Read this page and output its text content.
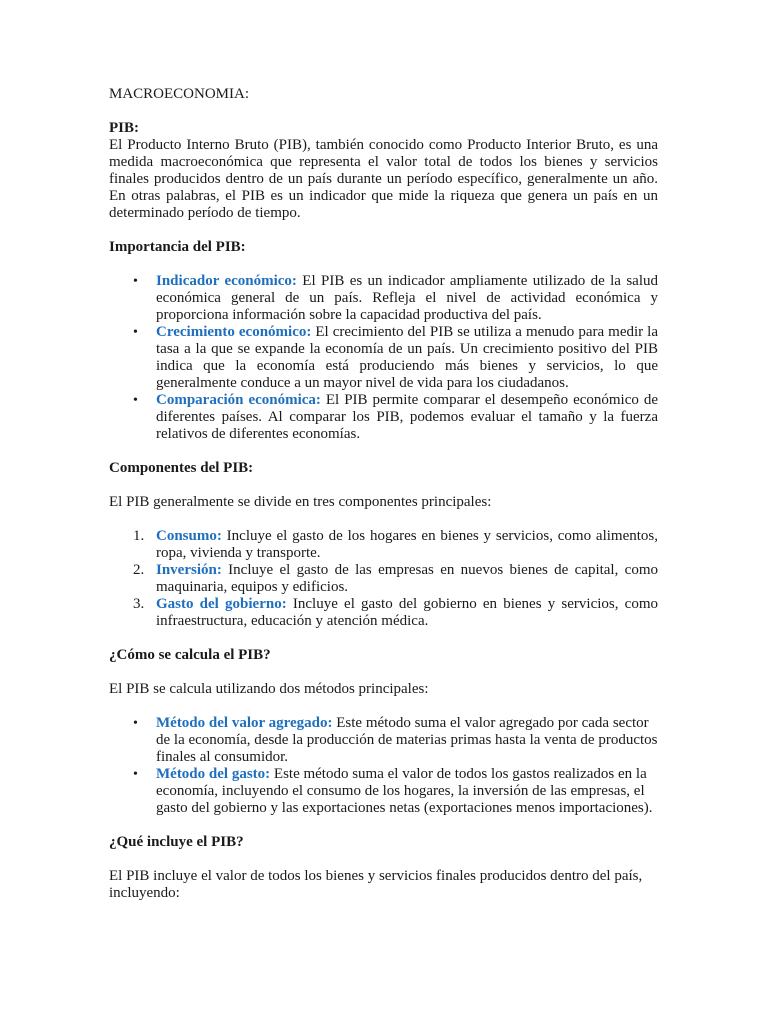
MACROECONOMIA:

PIB:

El Producto Interno Bruto (PIB), también conocido como Producto Interior Bruto, es una medida macroeconómica que representa el valor total de todos los bienes y servicios finales producidos dentro de un país durante un período específico, generalmente un año. En otras palabras, el PIB es un indicador que mide la riqueza que genera un país en un determinado período de tiempo.

Importancia del PIB:

• Indicador económico: El PIB es un indicador ampliamente utilizado de la salud económica general de un país. Refleja el nivel de actividad económica y proporciona información sobre la capacidad productiva del país.
• Crecimiento económico: El crecimiento del PIB se utiliza a menudo para medir la tasa a la que se expande la economía de un país. Un crecimiento positivo del PIB indica que la economía está produciendo más bienes y servicios, lo que generalmente conduce a un mayor nivel de vida para los ciudadanos.
• Comparación económica: El PIB permite comparar el desempeño económico de diferentes países. Al comparar los PIB, podemos evaluar el tamaño y la fuerza relativos de diferentes economías.

Componentes del PIB:

El PIB generalmente se divide en tres componentes principales:

1. Consumo: Incluye el gasto de los hogares en bienes y servicios, como alimentos, ropa, vivienda y transporte.
2. Inversión: Incluye el gasto de las empresas en nuevos bienes de capital, como maquinaria, equipos y edificios.
3. Gasto del gobierno: Incluye el gasto del gobierno en bienes y servicios, como infraestructura, educación y atención médica.

¿Cómo se calcula el PIB?

El PIB se calcula utilizando dos métodos principales:

• Método del valor agregado: Este método suma el valor agregado por cada sector de la economía, desde la producción de materias primas hasta la venta de productos finales al consumidor.
• Método del gasto: Este método suma el valor de todos los gastos realizados en la economía, incluyendo el consumo de los hogares, la inversión de las empresas, el gasto del gobierno y las exportaciones netas (exportaciones menos importaciones).

¿Qué incluye el PIB?

El PIB incluye el valor de todos los bienes y servicios finales producidos dentro del país, incluyendo:
